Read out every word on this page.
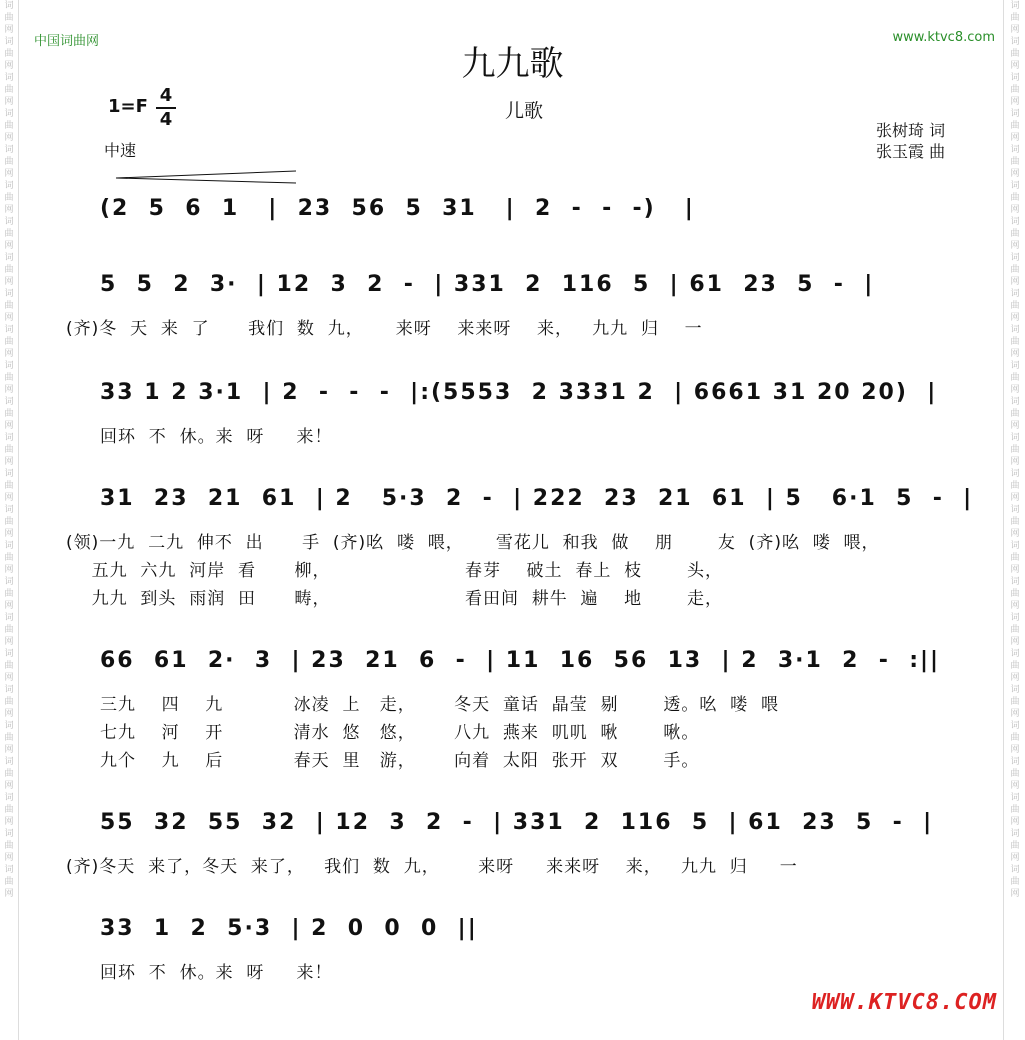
词曲网词曲网词曲网词曲网词曲网词曲网词曲网词曲网词曲网词曲网词曲网词曲网词曲网词曲网词曲网词曲网词曲网词曲网词曲网词曲网词曲网词曲网词曲网词曲网词曲网
词曲网词曲网词曲网词曲网词曲网词曲网词曲网词曲网词曲网词曲网词曲网词曲网词曲网词曲网词曲网词曲网词曲网词曲网词曲网词曲网词曲网词曲网词曲网词曲网词曲网
中国词曲网	www.ktvc8.com
九九歌
1=F
4
4	儿歌
张树琦 词
张玉霞 曲
中速
(2  5  6  1   |  23  56  5  31   |  2  -  -  -)   |
5  5  2  3·  | 12  3  2  -  | 331  2  116  5  | 61  23  5  -  |
(齐)冬  天  来  了      我们  数  九，     来呀    来来呀    来，   九九  归    一
33 1 2 3·1  | 2  -  -  -  |:(5553  2 3331 2  | 6661 31 20 20)  |
回环  不  休。来  呀     来！
31  23  21  61  | 2   5·3  2  -  | 222  23  21  61  | 5   6·1  5  -  |
(领)一九  二九  伸不  出      手  (齐)吆  喽  喂，     雪花儿  和我  做    朋       友  (齐)吆  喽  喂，
五九  六九  河岸  看      柳，                     春芽    破土  春上  枝       头，
九九  到头  雨润  田      畴，                     看田间  耕牛  遍    地       走，
66  61  2·  3  | 23  21  6  -  | 11  16  56  13  | 2  3·1  2  -  :||
三九    四    九           冰凌  上   走，      冬天  童话  晶莹  剔       透。吆  喽  喂
七九    河    开           清水  悠   悠，      八九  燕来  叽叽  啾       啾。
九个    九    后           春天  里   游，      向着  太阳  张开  双       手。
55  32  55  32  | 12  3  2  -  | 331  2  116  5  | 61  23  5  -  |
(齐)冬天  来了，冬天  来了，   我们  数  九，      来呀     来来呀    来，   九九  归     一
33  1  2  5·3  | 2  0  0  0  ||
回环  不  休。来  呀     来！
WWW.KTVC8.COM
